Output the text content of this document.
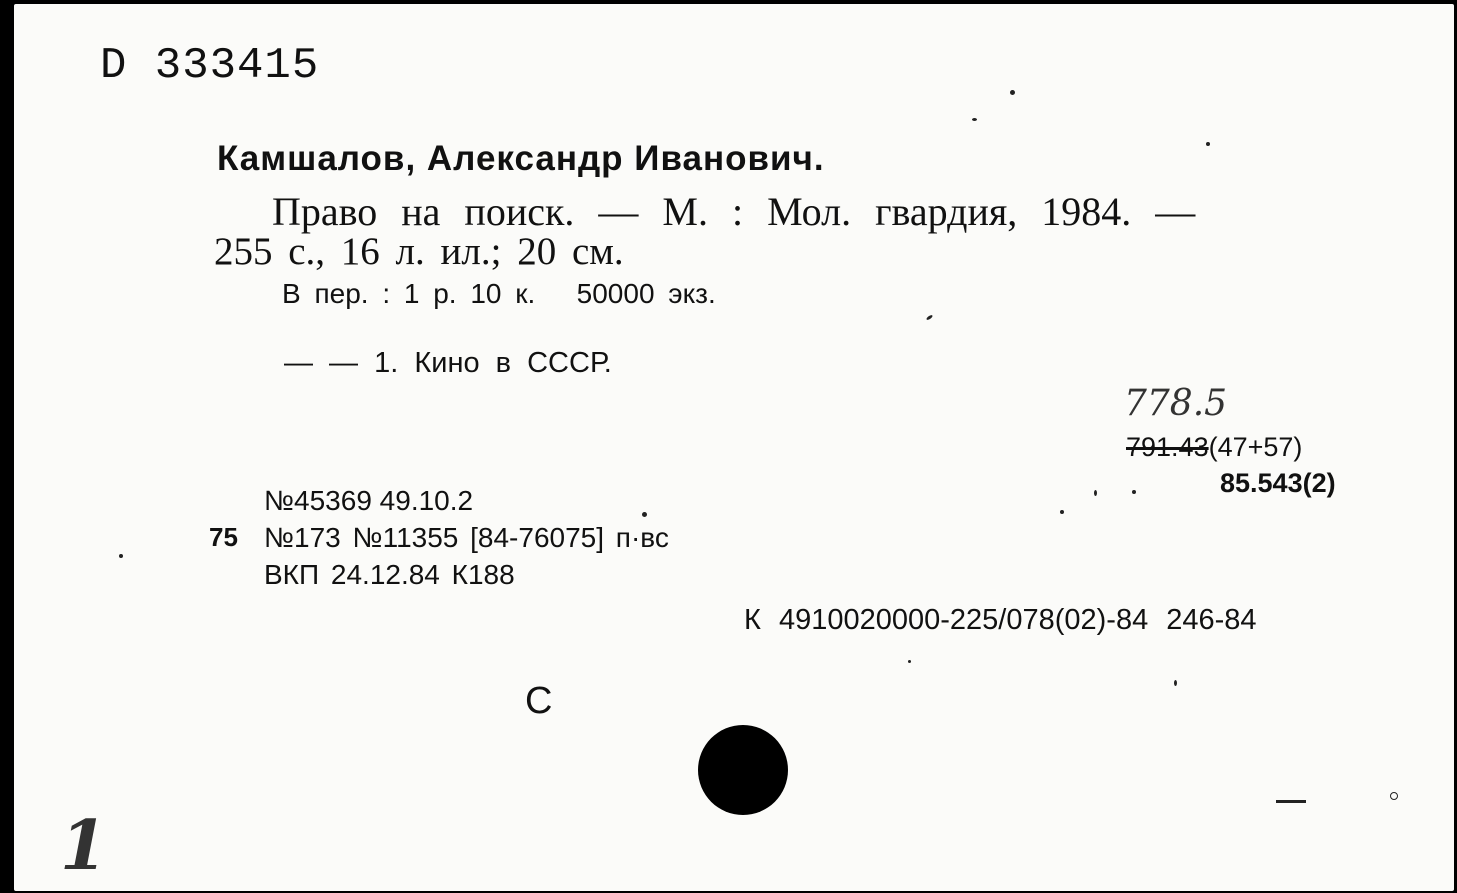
D 333415
Камшалов, Александр Иванович.
Право на поиск. — М. : Мол. гвардия, 1984. —
255 с., 16 л. ил.; 20 см.
В пер. : 1 р. 10 к.   50000 экз.
— — 1. Кино в СССР.
778.5
791.43(47+57)
85.543(2)
№45369 49.10.2
75 №173 №11355 [84-76075] п·вс
ВКП 24.12.84 К188
К 4910020000-225/078(02)-84 246-84
С
1
